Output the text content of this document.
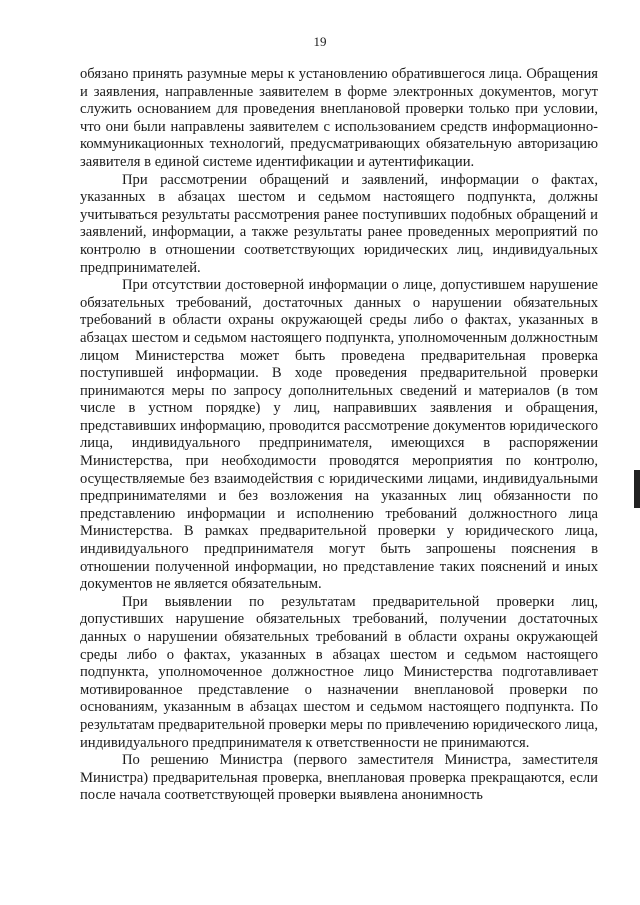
19

обязано принять разумные меры к установлению обратившегося лица. Обращения и заявления, направленные заявителем в форме электронных документов, могут служить основанием для проведения внеплановой проверки только при условии, что они были направлены заявителем с использованием средств информационно-коммуникационных технологий, предусматривающих обязательную авторизацию заявителя в единой системе идентификации и аутентификации.

При рассмотрении обращений и заявлений, информации о фактах, указанных в абзацах шестом и седьмом настоящего подпункта, должны учитываться результаты рассмотрения ранее поступивших подобных обращений и заявлений, информации, а также результаты ранее проведенных мероприятий по контролю в отношении соответствующих юридических лиц, индивидуальных предпринимателей.

При отсутствии достоверной информации о лице, допустившем нарушение обязательных требований, достаточных данных о нарушении обязательных требований в области охраны окружающей среды либо о фактах, указанных в абзацах шестом и седьмом настоящего подпункта, уполномоченным должностным лицом Министерства может быть проведена предварительная проверка поступившей информации. В ходе проведения предварительной проверки принимаются меры по запросу дополнительных сведений и материалов (в том числе в устном порядке) у лиц, направивших заявления и обращения, представивших информацию, проводится рассмотрение документов юридического лица, индивидуального предпринимателя, имеющихся в распоряжении Министерства, при необходимости проводятся мероприятия по контролю, осуществляемые без взаимодействия с юридическими лицами, индивидуальными предпринимателями и без возложения на указанных лиц обязанности по представлению информации и исполнению требований должностного лица Министерства. В рамках предварительной проверки у юридического лица, индивидуального предпринимателя могут быть запрошены пояснения в отношении полученной информации, но представление таких пояснений и иных документов не является обязательным.

При выявлении по результатам предварительной проверки лиц, допустивших нарушение обязательных требований, получении достаточных данных о нарушении обязательных требований в области охраны окружающей среды либо о фактах, указанных в абзацах шестом и седьмом настоящего подпункта, уполномоченное должностное лицо Министерства подготавливает мотивированное представление о назначении внеплановой проверки по основаниям, указанным в абзацах шестом и седьмом настоящего подпункта. По результатам предварительной проверки меры по привлечению юридического лица, индивидуального предпринимателя к ответственности не принимаются.

По решению Министра (первого заместителя Министра, заместителя Министра) предварительная проверка, внеплановая проверка прекращаются, если после начала соответствующей проверки выявлена анонимность
